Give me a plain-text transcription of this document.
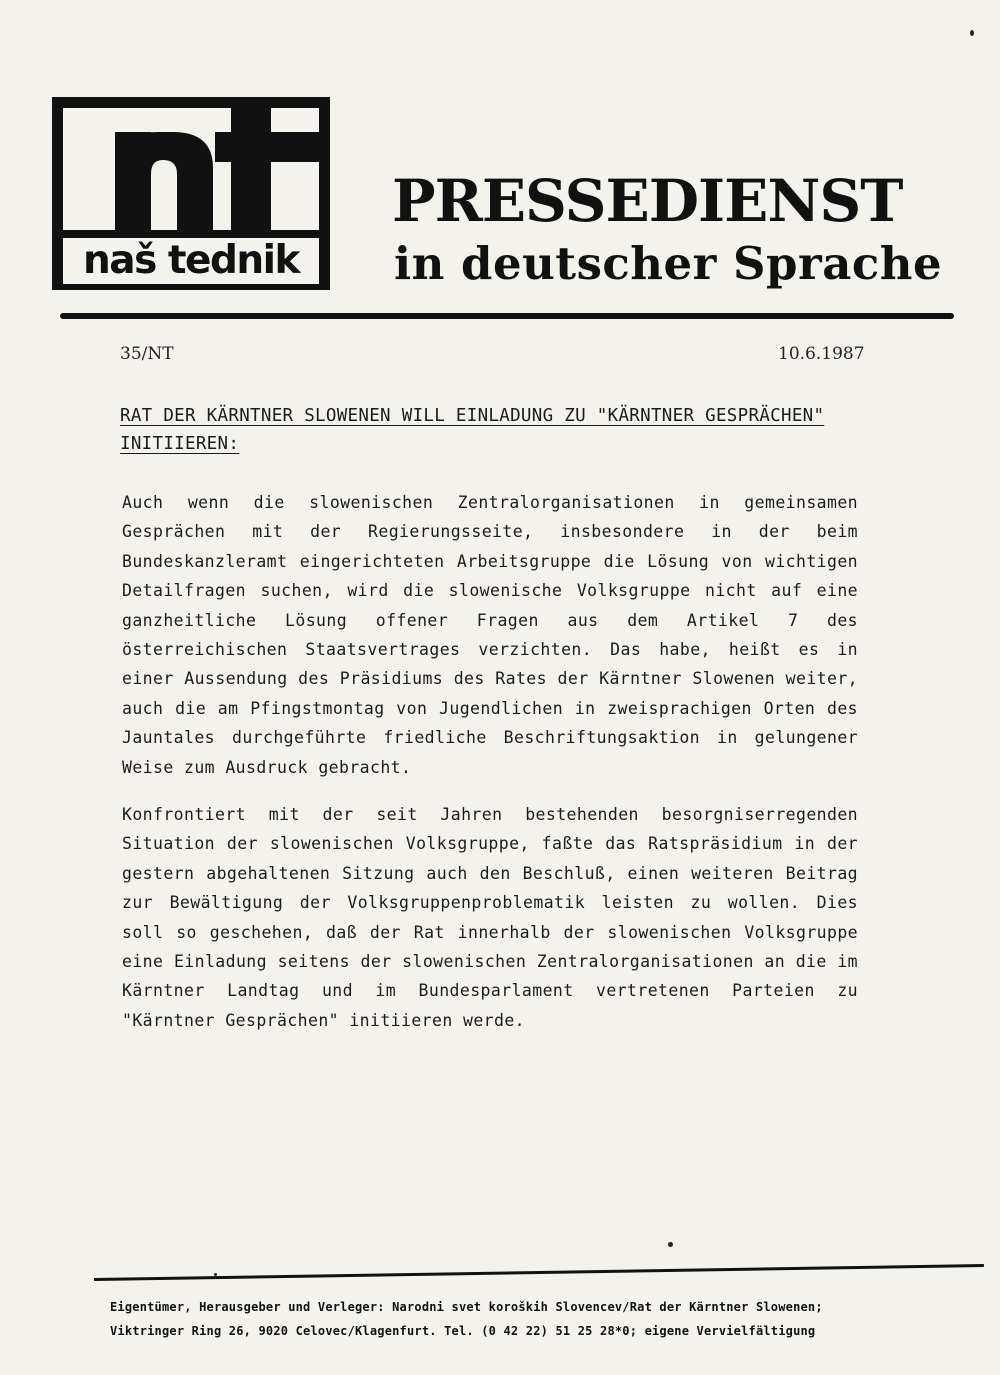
naš tednik
PRESSEDIENST
in deutscher Sprache
35/NT	10.6.1987
RAT DER KÄRNTNER SLOWENEN WILL EINLADUNG ZU "KÄRNTNER GESPRÄCHEN"
INITIIEREN:
Auch wenn die slowenischen Zentralorganisationen in gemeinsamen Gesprächen mit der Regierungsseite, insbesondere in der beim Bundeskanzleramt eingerichteten Arbeitsgruppe die Lösung von wichtigen Detailfragen suchen, wird die slowenische Volksgruppe nicht auf eine ganzheitliche Lösung offener Fragen aus dem Artikel 7 des österreichischen Staatsvertrages verzichten. Das habe, heißt es in einer Aussendung des Präsidiums des Rates der Kärntner Slowenen weiter, auch die am Pfingstmontag von Jugendlichen in zweisprachigen Orten des Jauntales durchgeführte friedliche Beschriftungsaktion in gelungener Weise zum Ausdruck gebracht.
Konfrontiert mit der seit Jahren bestehenden besorgniserregenden Situation der slowenischen Volksgruppe, faßte das Ratspräsidium in der gestern abgehaltenen Sitzung auch den Beschluß, einen weiteren Beitrag zur Bewältigung der Volksgruppenproblematik leisten zu wollen. Dies soll so geschehen, daß der Rat innerhalb der slowenischen Volksgruppe eine Einladung seitens der slowenischen Zentralorganisationen an die im Kärntner Landtag und im Bundesparlament vertretenen Parteien zu "Kärntner Gesprächen" initiieren werde.
Eigentümer, Herausgeber und Verleger: Narodni svet koroških Slovencev/Rat der Kärntner Slowenen;
Viktringer Ring 26, 9020 Celovec/Klagenfurt. Tel. (0 42 22) 51 25 28*0; eigene Vervielfältigung
